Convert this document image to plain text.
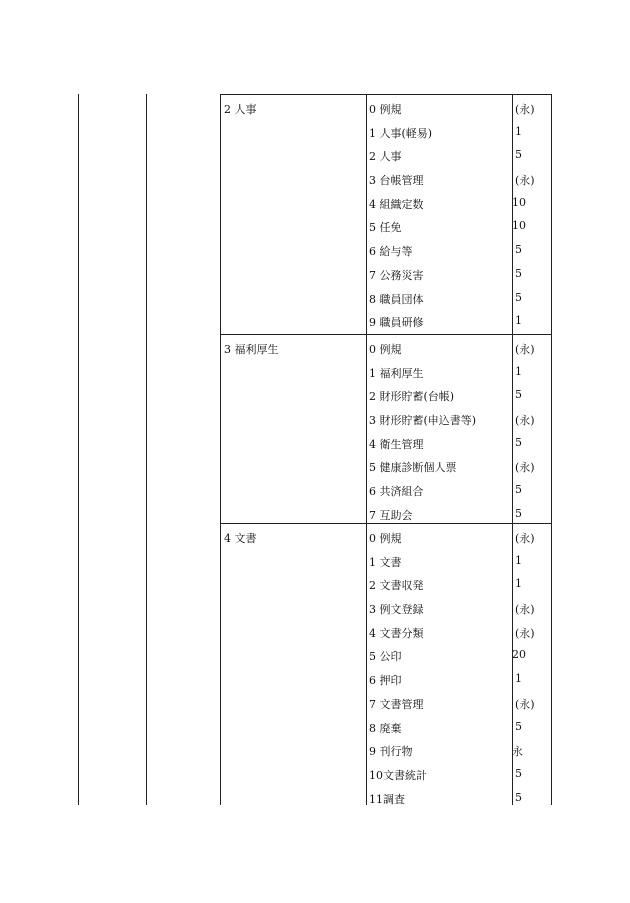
2 人事	0 例規	(永)
1 人事(軽易)	1
2 人事	5
3 台帳管理	(永)
4 組織定数	10
5 任免	10
6 給与等	5
7 公務災害	5
8 職員団体	5
9 職員研修	1
3 福利厚生	0 例規	(永)
1 福利厚生	1
2 財形貯蓄(台帳)	5
3 財形貯蓄(申込書等)	(永)
4 衛生管理	5
5 健康診断個人票	(永)
6 共済組合	5
7 互助会	5
4 文書	0 例規	(永)
1 文書	1
2 文書収発	1
3 例文登録	(永)
4 文書分類	(永)
5 公印	20
6 押印	1
7 文書管理	(永)
8 廃棄	5
9 刊行物	永
10文書統計	5
11調査	5
